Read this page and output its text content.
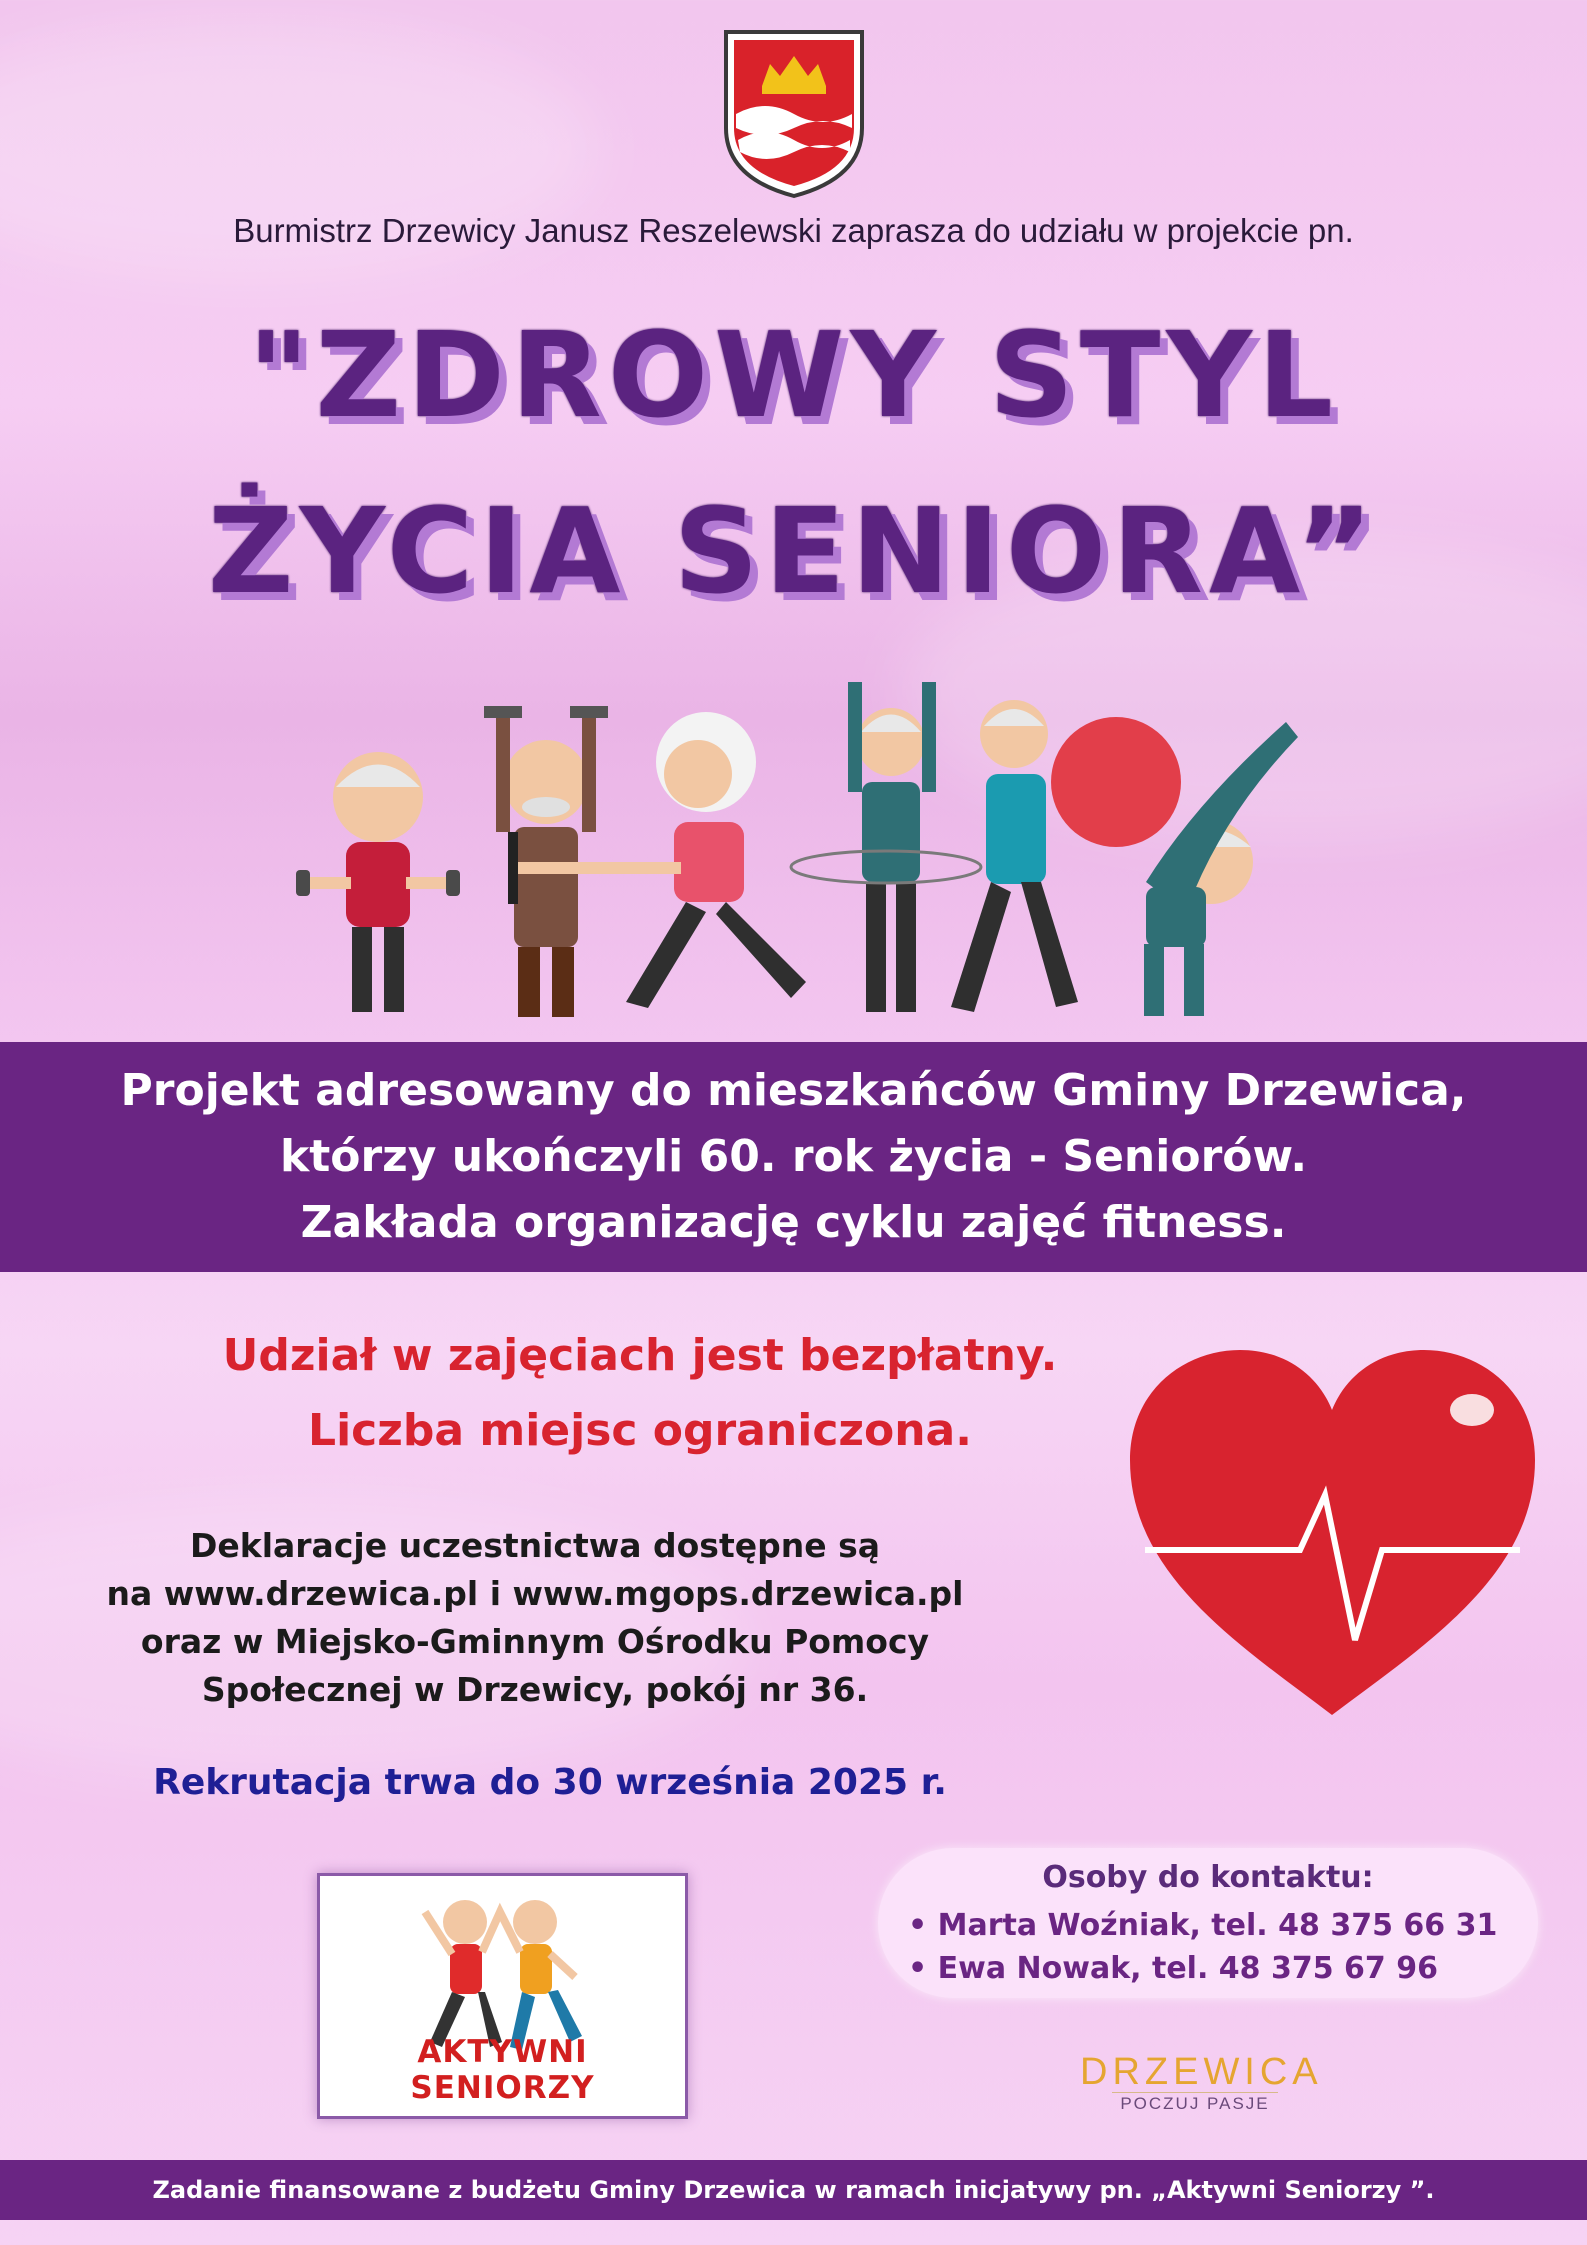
Burmistrz Drzewicy Janusz Reszelewski zaprasza do udziału w projekcie pn.
"ZDROWY STYL
ŻYCIA SENIORA”
Projekt adresowany do mieszkańców Gminy Drzewica,
którzy ukończyli 60. rok życia - Seniorów.
Zakłada organizację cyklu zajęć fitness.
Udział w zajęciach jest bezpłatny.
Liczba miejsc ograniczona.
Deklaracje uczestnictwa dostępne są
na www.drzewica.pl i www.mgops.drzewica.pl
oraz w Miejsko-Gminnym Ośrodku Pomocy
Społecznej w Drzewicy, pokój nr 36.
Rekrutacja trwa do 30 września 2025 r.
AKTYWNI SENIORZY
Osoby do kontaktu:
• Marta Woźniak, tel. 48 375 66 31
• Ewa Nowak, tel. 48 375 67 96
DRZEWICA
POCZUJ PASJE
Zadanie finansowane z budżetu Gminy Drzewica w ramach inicjatywy pn. „Aktywni Seniorzy ”.
